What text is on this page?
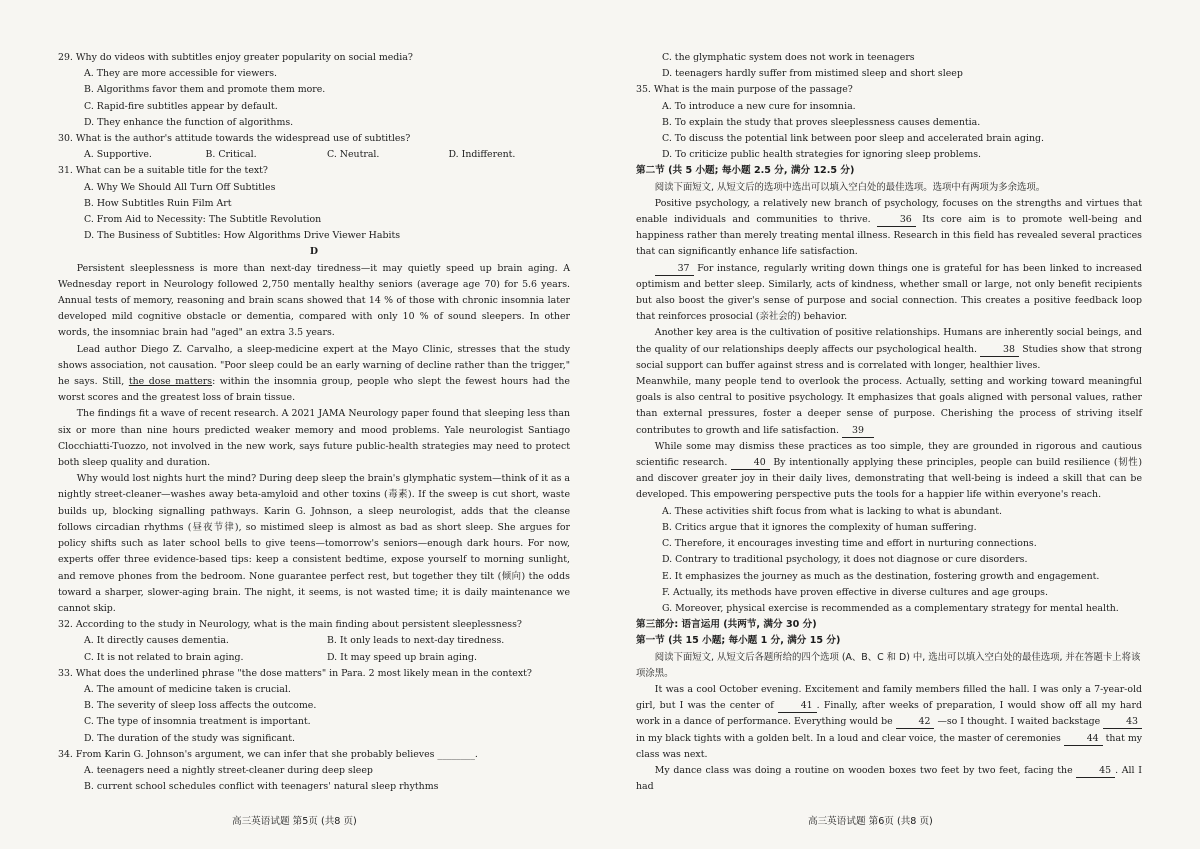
29. Why do videos with subtitles enjoy greater popularity on social media?

A. They are more accessible for viewers.

B. Algorithms favor them and promote them more.

C. Rapid-fire subtitles appear by default.

D. They enhance the function of algorithms.

30. What is the author's attitude towards the widespread use of subtitles?

A. Supportive.	B. Critical.	C. Neutral.	D. Indifferent.

31. What can be a suitable title for the text?

A. Why We Should All Turn Off Subtitles

B. How Subtitles Ruin Film Art

C. From Aid to Necessity: The Subtitle Revolution

D. The Business of Subtitles: How Algorithms Drive Viewer Habits

D

Persistent sleeplessness is more than next-day tiredness—it may quietly speed up brain aging. A Wednesday report in Neurology followed 2,750 mentally healthy seniors (average age 70) for 5.6 years. Annual tests of memory, reasoning and brain scans showed that 14 % of those with chronic insomnia later developed mild cognitive obstacle or dementia, compared with only 10 % of sound sleepers. In other words, the insomniac brain had "aged" an extra 3.5 years.

Lead author Diego Z. Carvalho, a sleep-medicine expert at the Mayo Clinic, stresses that the study shows association, not causation. "Poor sleep could be an early warning of decline rather than the trigger," he says. Still, the dose matters: within the insomnia group, people who slept the fewest hours had the worst scores and the greatest loss of brain tissue.

The findings fit a wave of recent research. A 2021 JAMA Neurology paper found that sleeping less than six or more than nine hours predicted weaker memory and mood problems. Yale neurologist Santiago Clocchiatti-Tuozzo, not involved in the new work, says future public-health strategies may need to protect both sleep quality and duration.

Why would lost nights hurt the mind? During deep sleep the brain's glymphatic system—think of it as a nightly street-cleaner—washes away beta-amyloid and other toxins (毒素). If the sweep is cut short, waste builds up, blocking signalling pathways. Karin G. Johnson, a sleep neurologist, adds that the cleanse follows circadian rhythms (昼夜节律), so mistimed sleep is almost as bad as short sleep. She argues for policy shifts such as later school bells to give teens—tomorrow's seniors—enough dark hours. For now, experts offer three evidence-based tips: keep a consistent bedtime, expose yourself to morning sunlight, and remove phones from the bedroom. None guarantee perfect rest, but together they tilt (倾向) the odds toward a sharper, slower-aging brain. The night, it seems, is not wasted time; it is daily maintenance we cannot skip.

32. According to the study in Neurology, what is the main finding about persistent sleeplessness?

A. It directly causes dementia.	B. It only leads to next-day tiredness.
C. It is not related to brain aging.	D. It may speed up brain aging.

33. What does the underlined phrase "the dose matters" in Para. 2 most likely mean in the context?

A. The amount of medicine taken is crucial.

B. The severity of sleep loss affects the outcome.

C. The type of insomnia treatment is important.

D. The duration of the study was significant.

34. From Karin G. Johnson's argument, we can infer that she probably believes ________.

A. teenagers need a nightly street-cleaner during deep sleep

B. current school schedules conflict with teenagers' natural sleep rhythms

高三英语试题 第5页 (共8 页)

C. the glymphatic system does not work in teenagers

D. teenagers hardly suffer from mistimed sleep and short sleep

35. What is the main purpose of the passage?

A. To introduce a new cure for insomnia.

B. To explain the study that proves sleeplessness causes dementia.

C. To discuss the potential link between poor sleep and accelerated brain aging.

D. To criticize public health strategies for ignoring sleep problems.

第二节 (共 5 小题; 每小题 2.5 分, 满分 12.5 分)

阅读下面短文, 从短文后的选项中选出可以填入空白处的最佳选项。选项中有两项为多余选项。

Positive psychology, a relatively new branch of psychology, focuses on the strengths and virtues that enable individuals and communities to thrive. 36 Its core aim is to promote well-being and happiness rather than merely treating mental illness. Research in this field has revealed several practices that can significantly enhance life satisfaction.

37 For instance, regularly writing down things one is grateful for has been linked to increased optimism and better sleep. Similarly, acts of kindness, whether small or large, not only benefit recipients but also boost the giver's sense of purpose and social connection. This creates a positive feedback loop that reinforces prosocial (亲社会的) behavior.

Another key area is the cultivation of positive relationships. Humans are inherently social beings, and the quality of our relationships deeply affects our psychological health. 38 Studies show that strong social support can buffer against stress and is correlated with longer, healthier lives.

Meanwhile, many people tend to overlook the process. Actually, setting and working toward meaningful goals is also central to positive psychology. It emphasizes that goals aligned with personal values, rather than external pressures, foster a deeper sense of purpose. Cherishing the process of striving itself contributes to growth and life satisfaction. 39

While some may dismiss these practices as too simple, they are grounded in rigorous and cautious scientific research. 40 By intentionally applying these principles, people can build resilience (韧性) and discover greater joy in their daily lives, demonstrating that well-being is indeed a skill that can be developed. This empowering perspective puts the tools for a happier life within everyone's reach.

A. These activities shift focus from what is lacking to what is abundant.

B. Critics argue that it ignores the complexity of human suffering.

C. Therefore, it encourages investing time and effort in nurturing connections.

D. Contrary to traditional psychology, it does not diagnose or cure disorders.

E. It emphasizes the journey as much as the destination, fostering growth and engagement.

F. Actually, its methods have proven effective in diverse cultures and age groups.

G. Moreover, physical exercise is recommended as a complementary strategy for mental health.

第三部分: 语言运用 (共两节, 满分 30 分)

第一节 (共 15 小题; 每小题 1 分, 满分 15 分)

阅读下面短文, 从短文后各题所给的四个选项 (A、B、C 和 D) 中, 选出可以填入空白处的最佳选项, 并在答题卡上将该项涂黑。

It was a cool October evening. Excitement and family members filled the hall. I was only a 7-year-old girl, but I was the center of 41 . Finally, after weeks of preparation, I would show off all my hard work in a dance of performance. Everything would be 42 —so I thought. I waited backstage 43 in my black tights with a golden belt. In a loud and clear voice, the master of ceremonies 44 that my class was next.

My dance class was doing a routine on wooden boxes two feet by two feet, facing the 45 . All I had

高三英语试题 第6页 (共8 页)
